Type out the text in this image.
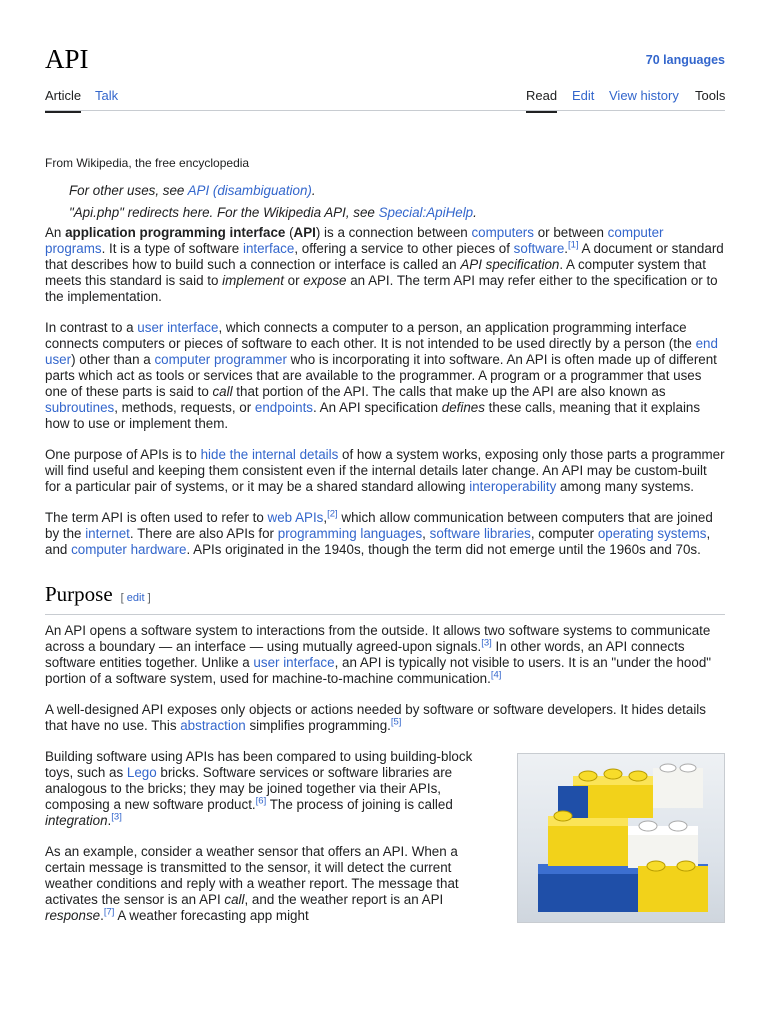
API	70 languages
Article Talk	Read Edit View history Tools
From Wikipedia, the free encyclopedia
For other uses, see API (disambiguation).
"Api.php" redirects here. For the Wikipedia API, see Special:ApiHelp.

An application programming interface (API) is a connection between computers or between computer programs. It is a type of software interface, offering a service to other pieces of software.[1] A document or standard that describes how to build such a connection or interface is called an API specification. A computer system that meets this standard is said to implement or expose an API. The term API may refer either to the specification or to the implementation.

In contrast to a user interface, which connects a computer to a person, an application programming interface connects computers or pieces of software to each other. It is not intended to be used directly by a person (the end user) other than a computer programmer who is incorporating it into software. An API is often made up of different parts which act as tools or services that are available to the programmer. A program or a programmer that uses one of these parts is said to call that portion of the API. The calls that make up the API are also known as subroutines, methods, requests, or endpoints. An API specification defines these calls, meaning that it explains how to use or implement them.

One purpose of APIs is to hide the internal details of how a system works, exposing only those parts a programmer will find useful and keeping them consistent even if the internal details later change. An API may be custom-built for a particular pair of systems, or it may be a shared standard allowing interoperability among many systems.

The term API is often used to refer to web APIs,[2] which allow communication between computers that are joined by the internet. There are also APIs for programming languages, software libraries, computer operating systems, and computer hardware. APIs originated in the 1940s, though the term did not emerge until the 1960s and 70s.

Purpose [ edit ]

An API opens a software system to interactions from the outside. It allows two software systems to communicate across a boundary — an interface — using mutually agreed-upon signals.[3] In other words, an API connects software entities together. Unlike a user interface, an API is typically not visible to users. It is an "under the hood" portion of a software system, used for machine-to-machine communication.[4]

A well-designed API exposes only objects or actions needed by software or software developers. It hides details that have no use. This abstraction simplifies programming.[5]

Building software using APIs has been compared to using building-block toys, such as Lego bricks. Software services or software libraries are analogous to the bricks; they may be joined together via their APIs, composing a new software product.[6] The process of joining is called integration.[3]

As an example, consider a weather sensor that offers an API. When a certain message is transmitted to the sensor, it will detect the current weather conditions and reply with a weather report. The message that activates the sensor is an API call, and the weather report is an API response.[7] A weather forecasting app might
